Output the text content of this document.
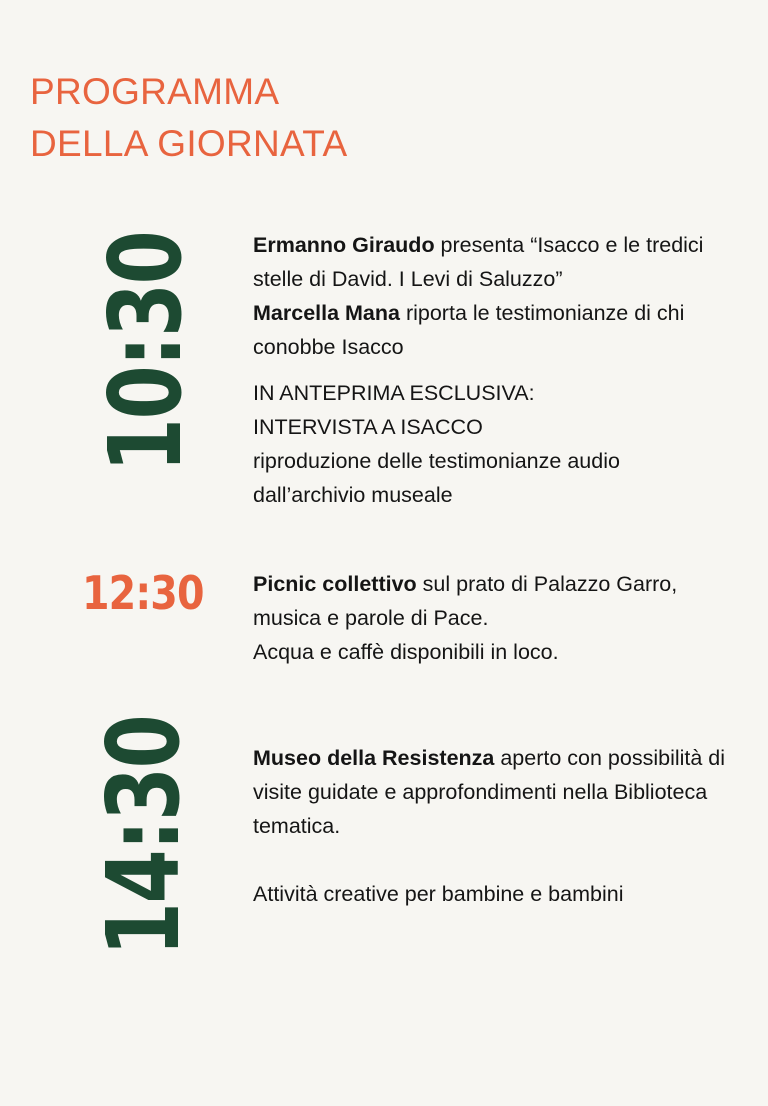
PROGRAMMA
DELLA GIORNATA
10:30
12:30
14:30

Ermanno Giraudo presenta “Isacco e le tredici stelle di David. I Levi di Saluzzo”
Marcella Mana riporta le testimonianze di chi conobbe Isacco

IN ANTEPRIMA ESCLUSIVA:
INTERVISTA A ISACCO
riproduzione delle testimonianze audio dall’archivio museale

Picnic collettivo sul prato di Palazzo Garro, musica e parole di Pace.
Acqua e caffè disponibili in loco.

Museo della Resistenza aperto con possibilità di visite guidate e approfondimenti nella Biblioteca tematica.

Attività creative per bambine e bambini
